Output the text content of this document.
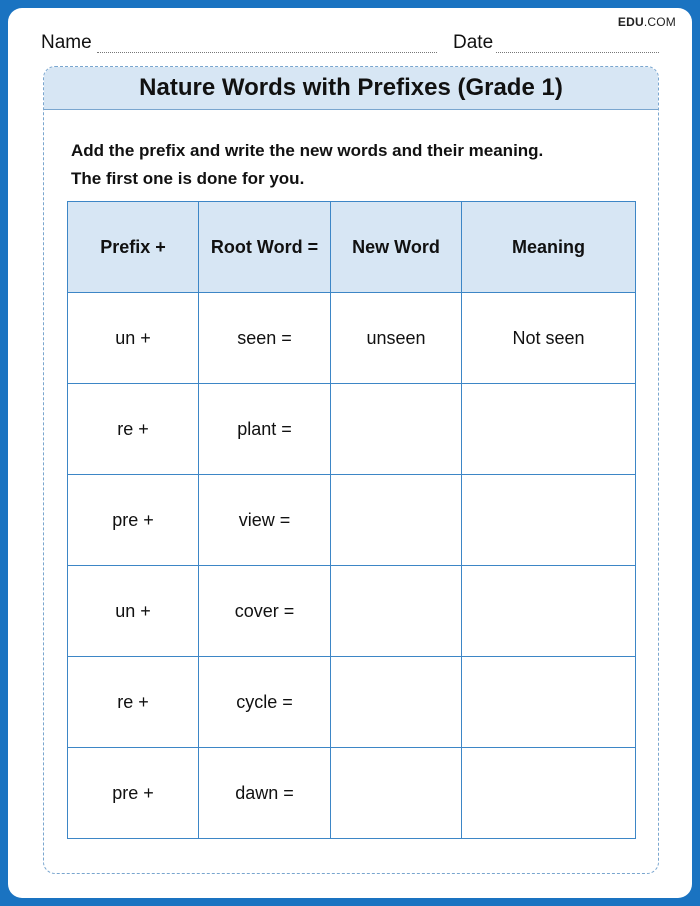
EDU.COM
Name	Date
Nature Words with Prefixes (Grade 1)
Add the prefix and write the new words and their meaning.
The first one is done for you.
Prefix +	Root Word =	New Word	Meaning
un +	seen =	unseen	Not seen
re +	plant =		
pre +	view =		
un +	cover =		
re +	cycle =		
pre +	dawn =		
